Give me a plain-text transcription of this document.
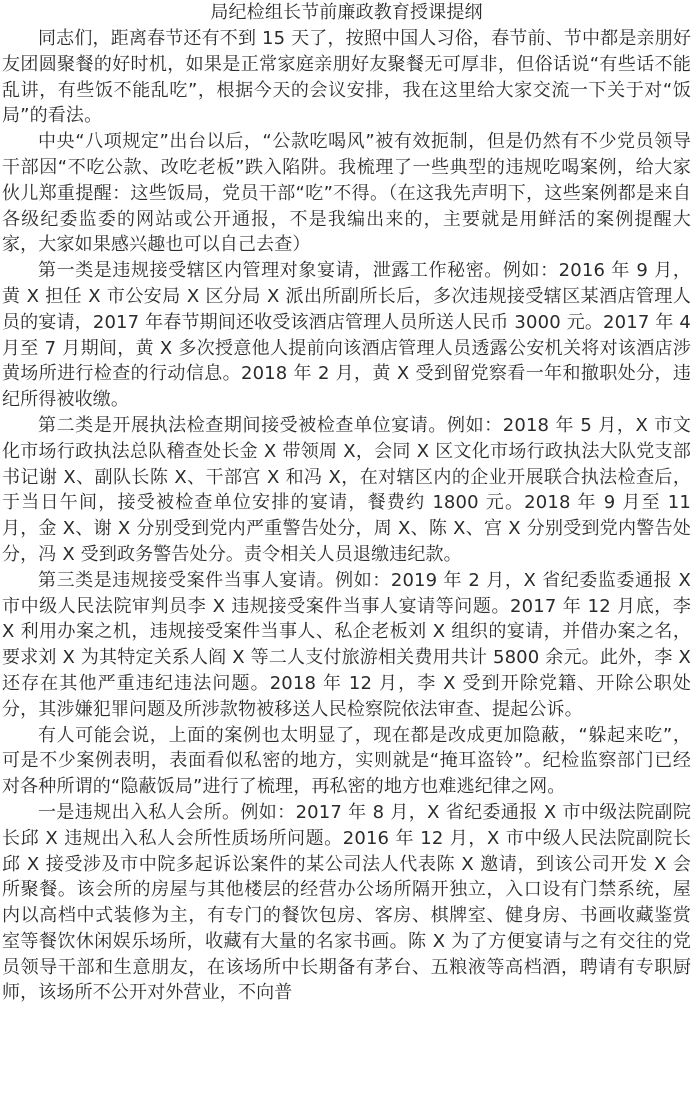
局纪检组长节前廉政教育授课提纲

同志们，距离春节还有不到 15 天了，按照中国人习俗，春节前、节中都是亲朋好友团圆聚餐的好时机，如果是正常家庭亲朋好友聚餐无可厚非，但俗话说“有些话不能乱讲，有些饭不能乱吃”，根据今天的会议安排，我在这里给大家交流一下关于对“饭局”的看法。

中央“八项规定”出台以后，“公款吃喝风”被有效扼制，但是仍然有不少党员领导干部因“不吃公款、改吃老板”跌入陷阱。我梳理了一些典型的违规吃喝案例，给大家伙儿郑重提醒：这些饭局，党员干部“吃”不得。（在这我先声明下，这些案例都是来自各级纪委监委的网站或公开通报，不是我编出来的，主要就是用鲜活的案例提醒大家，大家如果感兴趣也可以自己去查）

第一类是违规接受辖区内管理对象宴请，泄露工作秘密。例如：2016 年 9 月，黄 X 担任 X 市公安局 X 区分局 X 派出所副所长后，多次违规接受辖区某酒店管理人员的宴请，2017 年春节期间还收受该酒店管理人员所送人民币 3000 元。2017 年 4 月至 7 月期间，黄 X 多次授意他人提前向该酒店管理人员透露公安机关将对该酒店涉黄场所进行检查的行动信息。2018 年 2 月，黄 X 受到留党察看一年和撤职处分，违纪所得被收缴。

第二类是开展执法检查期间接受被检查单位宴请。例如：2018 年 5 月，X 市文化市场行政执法总队稽查处长金 X 带领周 X，会同 X 区文化市场行政执法大队党支部书记谢 X、副队长陈 X、干部宫 X 和冯 X，在对辖区内的企业开展联合执法检查后，于当日午间，接受被检查单位安排的宴请，餐费约 1800 元。2018 年 9 月至 11 月，金 X、谢 X 分别受到党内严重警告处分，周 X、陈 X、宫 X 分别受到党内警告处分，冯 X 受到政务警告处分。责令相关人员退缴违纪款。

第三类是违规接受案件当事人宴请。例如：2019 年 2 月，X 省纪委监委通报 X 市中级人民法院审判员李 X 违规接受案件当事人宴请等问题。2017 年 12 月底，李 X 利用办案之机，违规接受案件当事人、私企老板刘 X 组织的宴请，并借办案之名，要求刘 X 为其特定关系人阎 X 等二人支付旅游相关费用共计 5800 余元。此外，李 X 还存在其他严重违纪违法问题。2018 年 12 月，李 X 受到开除党籍、开除公职处分，其涉嫌犯罪问题及所涉款物被移送人民检察院依法审查、提起公诉。

有人可能会说，上面的案例也太明显了，现在都是改成更加隐蔽，“躲起来吃”，可是不少案例表明，表面看似私密的地方，实则就是“掩耳盗铃”。纪检监察部门已经对各种所谓的“隐蔽饭局”进行了梳理，再私密的地方也难逃纪律之网。

一是违规出入私人会所。例如：2017 年 8 月，X 省纪委通报 X 市中级法院副院长邱 X 违规出入私人会所性质场所问题。2016 年 12 月，X 市中级人民法院副院长邱 X 接受涉及市中院多起诉讼案件的某公司法人代表陈 X 邀请，到该公司开发 X 会所聚餐。该会所的房屋与其他楼层的经营办公场所隔开独立，入口设有门禁系统，屋内以高档中式装修为主，有专门的餐饮包房、客房、棋牌室、健身房、书画收藏鉴赏室等餐饮休闲娱乐场所，收藏有大量的名家书画。陈 X 为了方便宴请与之有交往的党员领导干部和生意朋友，在该场所中长期备有茅台、五粮液等高档酒，聘请有专职厨师，该场所不公开对外营业，不向普
